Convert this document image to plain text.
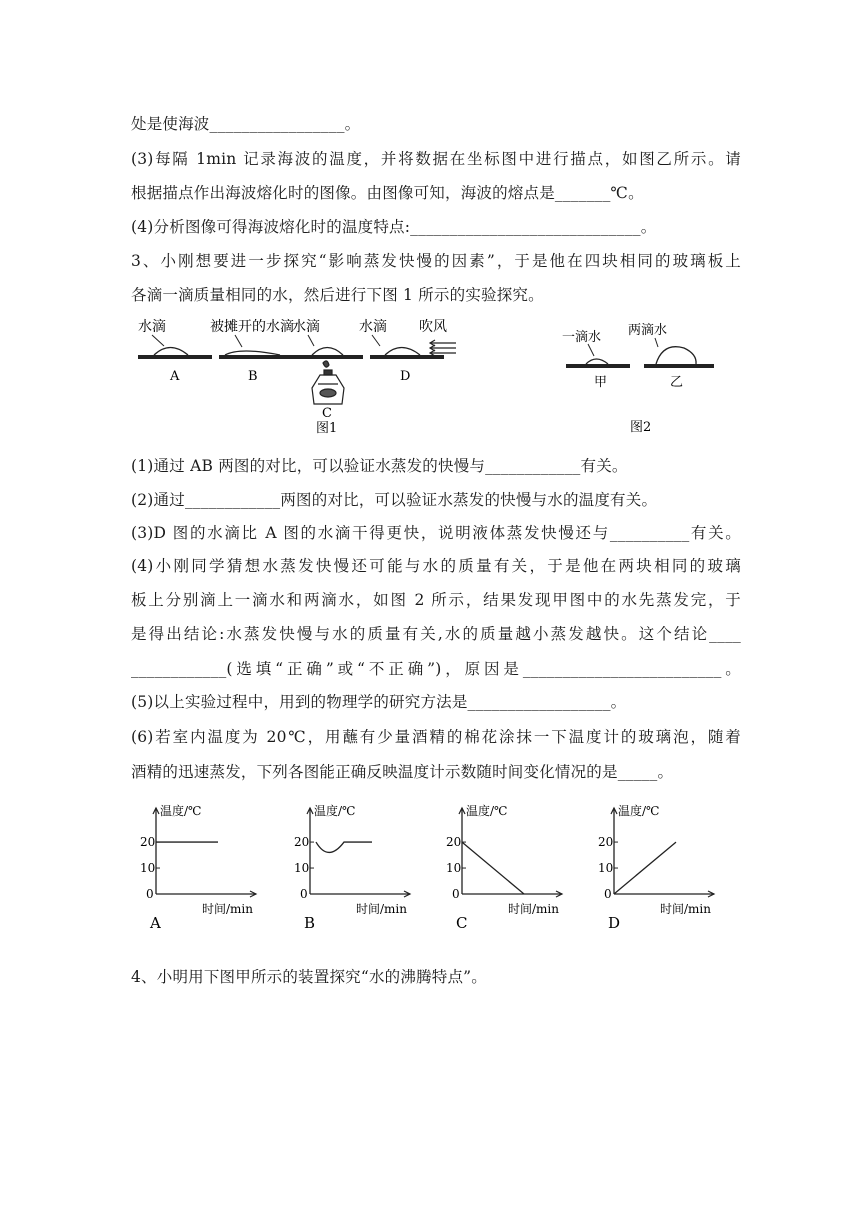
处是使海波_________________。
(3)每隔 1min 记录海波的温度，并将数据在坐标图中进行描点，如图乙所示。请
根据描点作出海波熔化时的图像。由图像可知，海波的熔点是_______℃。
(4)分析图像可得海波熔化时的温度特点:_____________________________。
3、小刚想要进一步探究“影响蒸发快慢的因素”，于是他在四块相同的玻璃板上
各滴一滴质量相同的水，然后进行下图 1 所示的实验探究。
水滴	被摊开的水滴
水滴	水滴 吹风
A	B
C
D
图1
一滴水 两滴水
甲	乙
图2
(1)通过 AB 两图的对比，可以验证水蒸发的快慢与____________有关。
(2)通过____________两图的对比，可以验证水蒸发的快慢与水的温度有关。
(3)D 图的水滴比 A 图的水滴干得更快，说明液体蒸发快慢还与__________有关。
(4)小刚同学猜想水蒸发快慢还可能与水的质量有关，于是他在两块相同的玻璃
板上分别滴上一滴水和两滴水，如图 2 所示，结果发现甲图中的水先蒸发完，于
是得出结论:水蒸发快慢与水的质量有关,水的质量越小蒸发越快。这个结论____
____________(选填“正确”或“不正确”)，原因是_________________________。
(5)以上实验过程中，用到的物理学的研究方法是__________________。
(6)若室内温度为 20℃，用蘸有少量酒精的棉花涂抹一下温度计的玻璃泡，随着
酒精的迅速蒸发，下列各图能正确反映温度计示数随时间变化情况的是_____。
温度/℃
时间/min
0
10
20
A
温度/℃
时间/min
0
10
20
B
温度/℃
时间/min
0
10
20
C
温度/℃
时间/min
0
10
20
D
4、小明用下图甲所示的装置探究“水的沸腾特点”。
